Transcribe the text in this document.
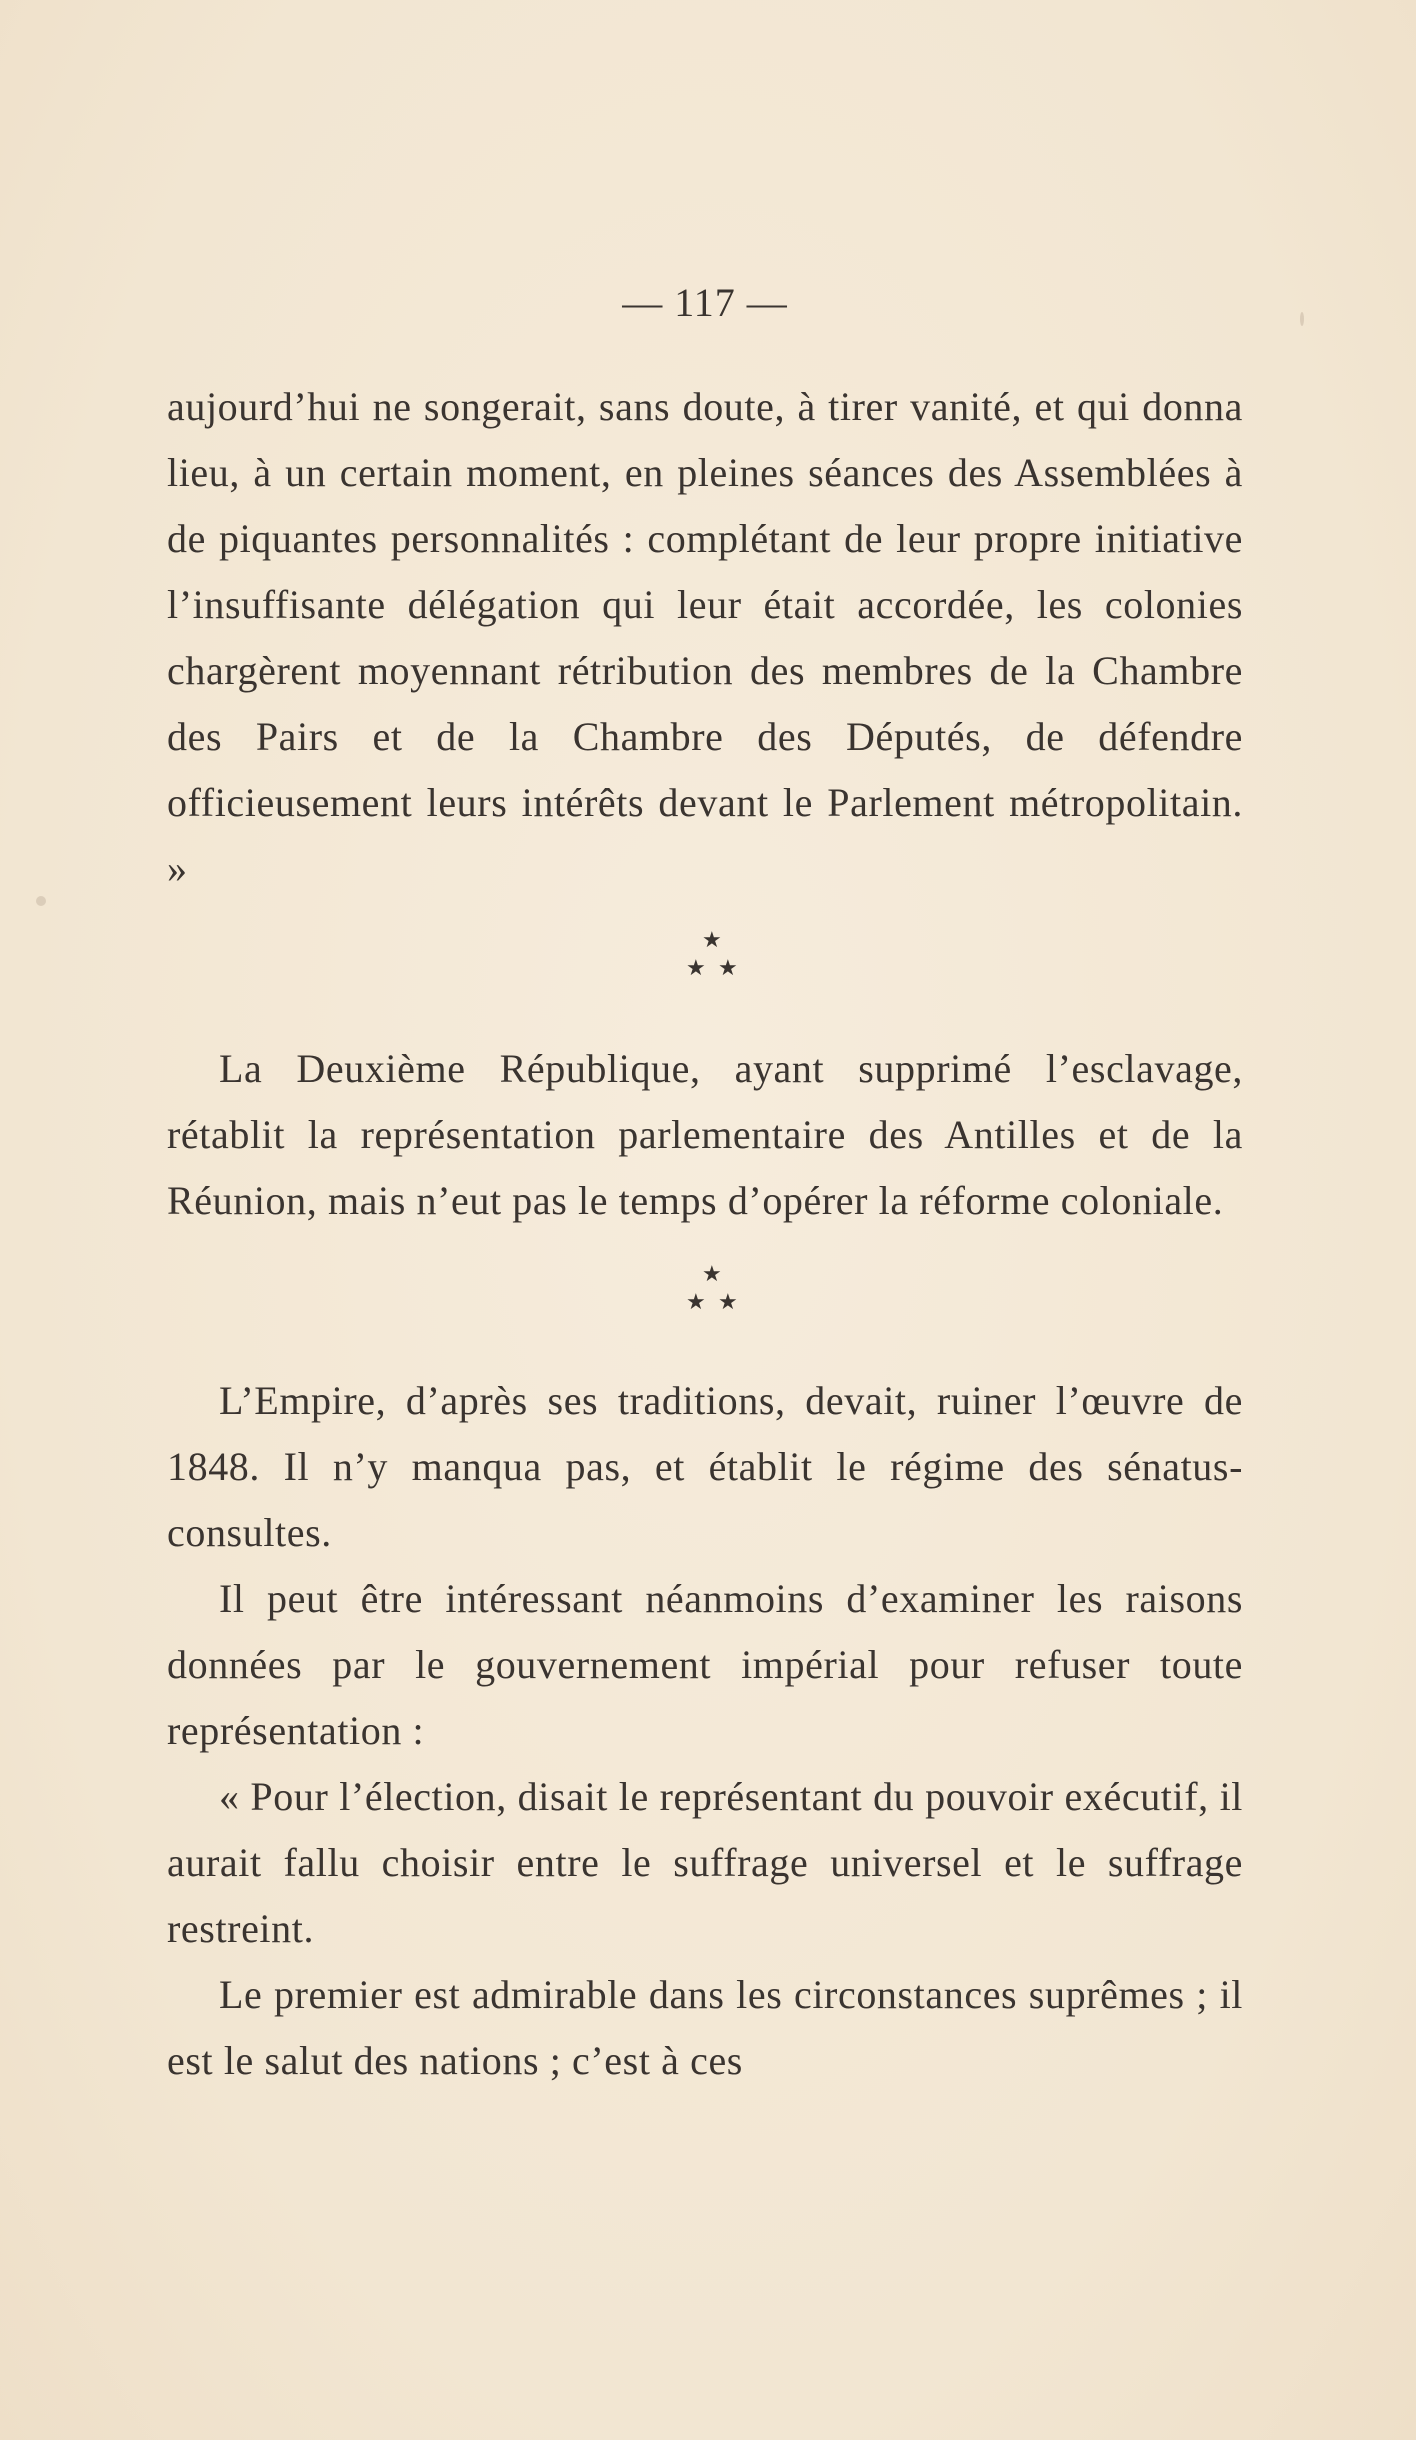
— 117 —

aujourd’hui ne songerait, sans doute, à tirer vanité, et qui donna lieu, à un certain moment, en pleines séances des Assemblées à de piquantes personnalités : complétant de leur propre initiative l’insuffisante délégation qui leur était accordée, les colonies chargèrent moyennant rétribution des membres de la Chambre des Pairs et de la Chambre des Députés, de défendre officieusement leurs intérêts devant le Parlement métropolitain. »

★
★ ★

La Deuxième République, ayant supprimé l’esclavage, rétablit la représentation parlementaire des Antilles et de la Réunion, mais n’eut pas le temps d’opérer la réforme coloniale.

★
★ ★

L’Empire, d’après ses traditions, devait, ruiner l’œuvre de 1848. Il n’y manqua pas, et établit le régime des sénatus-consultes.

Il peut être intéressant néanmoins d’examiner les raisons données par le gouvernement impérial pour refuser toute représentation :

« Pour l’élection, disait le représentant du pouvoir exécutif, il aurait fallu choisir entre le suffrage universel et le suffrage restreint.

Le premier est admirable dans les circonstances suprêmes ; il est le salut des nations ; c’est à ces
